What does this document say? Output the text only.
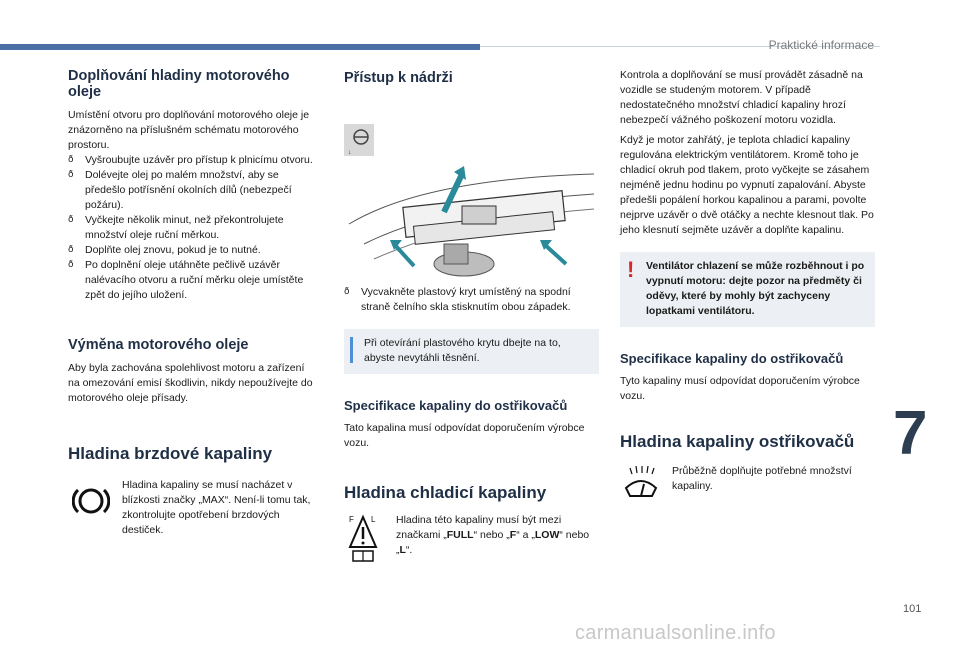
Praktické informace
7
101
carmanualsonline.info
Doplňování hladiny motorového oleje

Umístění otvoru pro doplňování motorového oleje je znázorněno na příslušném schématu motorového prostoru.

ð Vyšroubujte uzávěr pro přístup k plnicímu otvoru.
ð Dolévejte olej po malém množství, aby se předešlo potřísnění okolních dílů (nebezpečí požáru).
ð Vyčkejte několik minut, než překontrolujete množství oleje ruční měrkou.
ð Doplňte olej znovu, pokud je to nutné.
ð Po doplnění oleje utáhněte pečlivě uzávěr nalévacího otvoru a ruční měrku oleje umístěte zpět do jejího uložení.
Výměna motorového oleje

Aby byla zachována spolehlivost motoru a zařízení na omezování emisí škodlivin, nikdy nepoužívejte do motorového oleje přísady.

Hladina brzdové kapaliny

Hladina kapaliny se musí nacházet v blízkosti značky „MAX“. Není-li tomu tak, zkontrolujte opotřebení brzdových destiček.

Přístup k nádrži
↓
ð Vycvakněte plastový kryt umístěný na spodní straně čelního skla stisknutím obou západek.

Při otevírání plastového krytu dbejte na to, abyste nevytáhli těsnění.

Specifikace kapaliny do ostřikovačů

Tato kapalina musí odpovídat doporučením výrobce vozu.

Hladina chladicí kapaliny
F L Hladina této kapaliny musí být mezi značkami „FULL“ nebo „F“ a „LOW“ nebo „L“.

Kontrola a doplňování se musí provádět zásadně na vozidle se studeným motorem. V případě nedostatečného množství chladicí kapaliny hrozí nebezpečí vážného poškození motoru vozidla.

Když je motor zahřátý, je teplota chladicí kapaliny regulována elektrickým ventilátorem. Kromě toho je chladicí okruh pod tlakem, proto vyčkejte se zásahem nejméně jednu hodinu po vypnutí zapalování. Abyste předešli popálení horkou kapalinou a parami, povolte nejprve uzávěr o dvě otáčky a nechte klesnout tlak. Po jeho klesnutí sejměte uzávěr a doplňte kapalinu.

! Ventilátor chlazení se může rozběhnout i po vypnutí motoru: dejte pozor na předměty či oděvy, které by mohly být zachyceny lopatkami ventilátoru.

Specifikace kapaliny do ostřikovačů

Tyto kapaliny musí odpovídat doporučením výrobce vozu.

Hladina kapaliny ostřikovačů

Průběžně doplňujte potřebné množství kapaliny.
